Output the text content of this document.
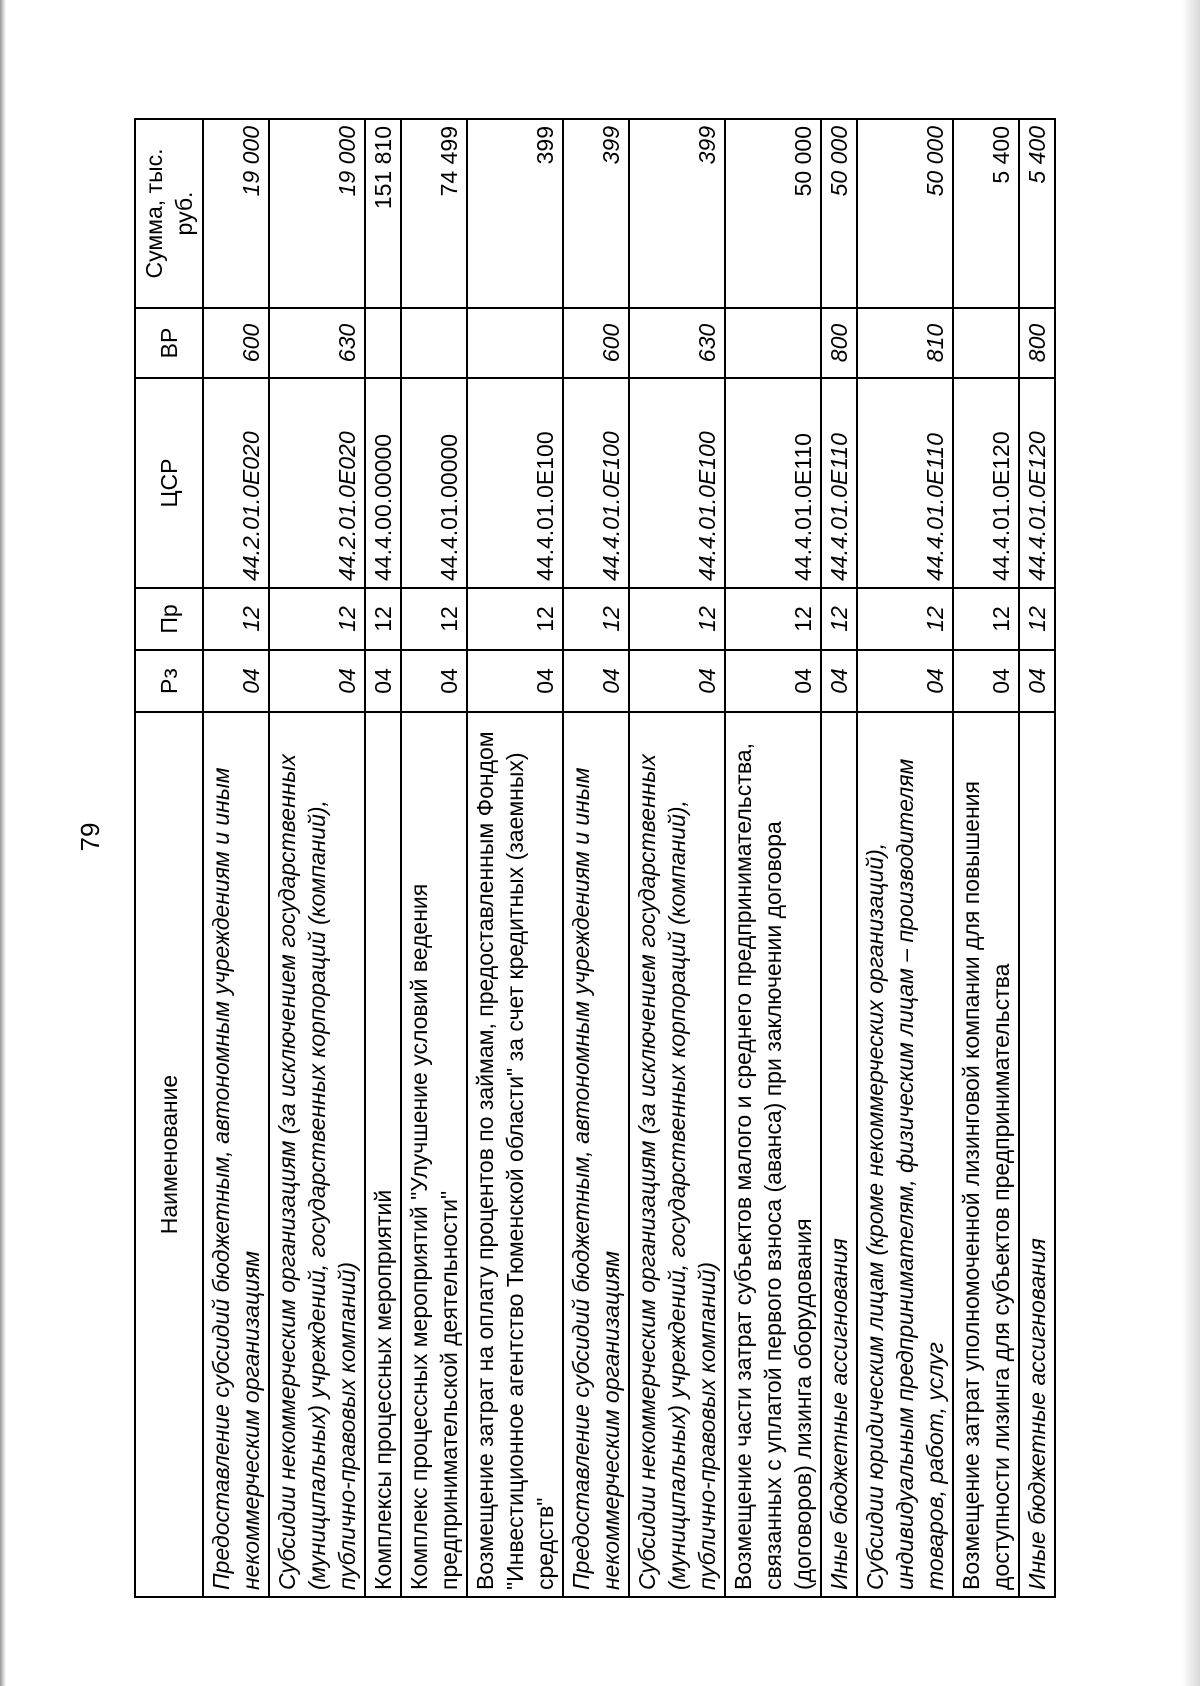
79
Наименование	Рз	Пр	ЦСР	ВР	Сумма, тыс. руб.
Предоставление субсидий бюджетным, автономным учреждениям и иным некоммерческим организациям	04	12	44.2.01.0Е020	600	19 000
Субсидии некоммерческим организациям (за исключением государственных (муниципальных) учреждений, государственных корпораций (компаний), публично-правовых компаний)	04	12	44.2.01.0Е020	630	19 000
Комплексы процессных мероприятий	04	12	44.4.00.00000		151 810
Комплекс процессных мероприятий "Улучшение условий ведения предпринимательской деятельности"	04	12	44.4.01.00000		74 499
Возмещение затрат на оплату процентов по займам, предоставленным Фондом "Инвестиционное агентство Тюменской области" за счет кредитных (заемных) средств"	04	12	44.4.01.0Е100		399
Предоставление субсидий бюджетным, автономным учреждениям и иным некоммерческим организациям	04	12	44.4.01.0Е100	600	399
Субсидии некоммерческим организациям (за исключением государственных (муниципальных) учреждений, государственных корпораций (компаний), публично-правовых компаний)	04	12	44.4.01.0Е100	630	399
Возмещение части затрат субъектов малого и среднего предпринимательства, связанных с уплатой первого взноса (аванса) при заключении договора (договоров) лизинга оборудования	04	12	44.4.01.0Е110		50 000
Иные бюджетные ассигнования	04	12	44.4.01.0Е110	800	50 000
Субсидии юридическим лицам (кроме некоммерческих организаций), индивидуальным предпринимателям, физическим лицам – производителям товаров, работ, услуг	04	12	44.4.01.0Е110	810	50 000
Возмещение затрат уполномоченной лизинговой компании для повышения доступности лизинга для субъектов предпринимательства	04	12	44.4.01.0Е120		5 400
Иные бюджетные ассигнования	04	12	44.4.01.0Е120	800	5 400
